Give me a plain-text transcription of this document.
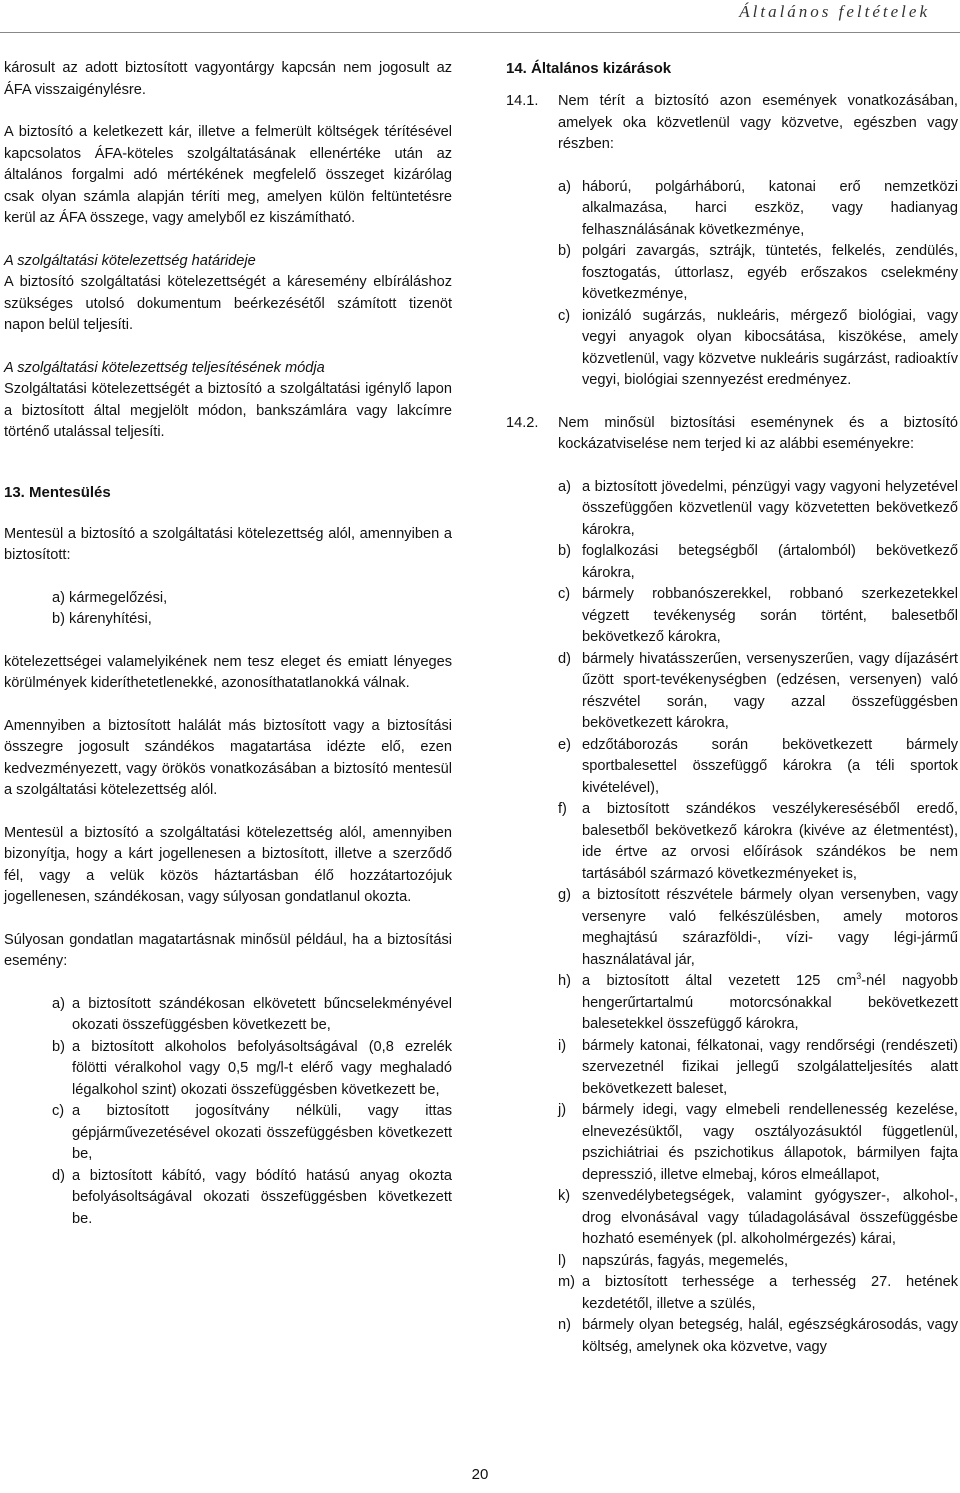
Általános feltételek

károsult az adott biztosított vagyontárgy kapcsán nem jogosult az ÁFA visszaigénylésre.

A biztosító a keletkezett kár, illetve a felmerült költségek térítésével kapcsolatos ÁFA-köteles szolgáltatásának ellenértéke után az általános forgalmi adó mértékének megfelelő összeget kizárólag csak olyan számla alapján téríti meg, amelyen külön feltüntetésre kerül az ÁFA összege, vagy amelyből ez kiszámítható.

A szolgáltatási kötelezettség határideje

A biztosító szolgáltatási kötelezettségét a káresemény elbíráláshoz szükséges utolsó dokumentum beérkezésétől számított tizenöt napon belül teljesíti.

A szolgáltatási kötelezettség teljesítésének módja

Szolgáltatási kötelezettségét a biztosító a szolgáltatási igénylő lapon a biztosított által megjelölt módon, bankszámlára vagy lakcímre történő utalással teljesíti.

13. Mentesülés

Mentesül a biztosító a szolgáltatási kötelezettség alól, amennyiben a biztosított:

a) kármegelőzési,
b) kárenyhítési,

kötelezettségei valamelyikének nem tesz eleget és emiatt lényeges körülmények kideríthetetlenekké, azonosíthatatlanokká válnak.

Amennyiben a biztosított halálát más biztosított vagy a biztosítási összegre jogosult szándékos magatartása idézte elő, ezen kedvezményezett, vagy örökös vonatkozásában a biztosító mentesül a szolgáltatási kötelezettség alól.

Mentesül a biztosító a szolgáltatási kötelezettség alól, amennyiben bizonyítja, hogy a kárt jogellenesen a biztosított, illetve a szerződő fél, vagy a velük közös háztartásban élő hozzátartozójuk jogellenesen, szándékosan, vagy súlyosan gondatlanul okozta.

Súlyosan gondatlan magatartásnak minősül például, ha a biztosítási esemény:

a) a biztosított szándékosan elkövetett bűncselekményével okozati összefüggésben következett be,
b) a biztosított alkoholos befolyásoltságával (0,8 ezrelék fölötti véralkohol vagy 0,5 mg/l-t elérő vagy meghaladó légalkohol szint) okozati összefüggésben következett be,
c) a biztosított jogosítvány nélküli, vagy ittas gépjárművezetésével okozati összefüggésben következett be,
d) a biztosított kábító, vagy bódító hatású anyag okozta befolyásoltságával okozati összefüggésben következett be.
14. Általános kizárások
14.1. Nem térít a biztosító azon események vonatkozásában, amelyek oka közvetlenül vagy közvetve, egészben vagy részben:
a) háború, polgárháború, katonai erő nemzetközi alkalmazása, harci eszköz, vagy hadianyag felhasználásának következménye,
b) polgári zavargás, sztrájk, tüntetés, felkelés, zendülés, fosztogatás, úttorlasz, egyéb erőszakos cselekmény következménye,
c) ionizáló sugárzás, nukleáris, mérgező biológiai, vagy vegyi anyagok olyan kibocsátása, kiszökése, amely közvetlenül, vagy közvetve nukleáris sugárzást, radioaktív vegyi, biológiai szennyezést eredményez.
14.2. Nem minősül biztosítási eseménynek és a biztosító kockázatviselése nem terjed ki az alábbi eseményekre:
a) a biztosított jövedelmi, pénzügyi vagy vagyoni helyzetével összefüggően közvetlenül vagy közvetetten bekövetkező károkra,
b) foglalkozási betegségből (ártalomból) bekövetkező károkra,
c) bármely robbanószerekkel, robbanó szerkezetekkel végzett tevékenység során történt, balesetből bekövetkező károkra,
d) bármely hivatásszerűen, versenyszerűen, vagy díjazásért űzött sport-tevékenységben (edzésen, versenyen) való részvétel során, vagy azzal összefüggésben bekövetkezett károkra,
e) edzőtáborozás során bekövetkezett bármely sportbalesettel összefüggő károkra (a téli sportok kivételével),
f) a biztosított szándékos veszélykereséséből eredő, balesetből bekövetkező károkra (kivéve az életmentést), ide értve az orvosi előírások szándékos be nem tartásából származó következményeket is,
g) a biztosított részvétele bármely olyan versenyben, vagy versenyre való felkészülésben, amely motoros meghajtású szárazföldi-, vízi- vagy légi-jármű használatával jár,
h) a biztosított által vezetett 125 $cm^3$-nél nagyobb hengerűrtartalmú motorcsónakkal bekövetkezett balesetekkel összefüggő károkra,
i) bármely katonai, félkatonai, vagy rendőrségi (rendészeti) szervezetnél fizikai jellegű szolgálatteljesítés alatt bekövetkezett baleset,
j) bármely idegi, vagy elmebeli rendellenesség kezelése, elnevezésüktől, vagy osztályozásuktól függetlenül, pszichiátriai és pszichotikus állapotok, bármilyen fajta depresszió, illetve elmebaj, kóros elmeállapot,
k) szenvedélybetegségek, valamint gyógyszer-, alkohol-, drog elvonásával vagy túladagolásával összefüggésbe hozható események (pl. alkoholmérgezés) kárai,
l) napszúrás, fagyás, megemelés,
m) a biztosított terhessége a terhesség 27. hetének kezdetétől, illetve a szülés,
n) bármely olyan betegség, halál, egészségkárosodás, vagy költség, amelynek oka közvetve, vagy
20
